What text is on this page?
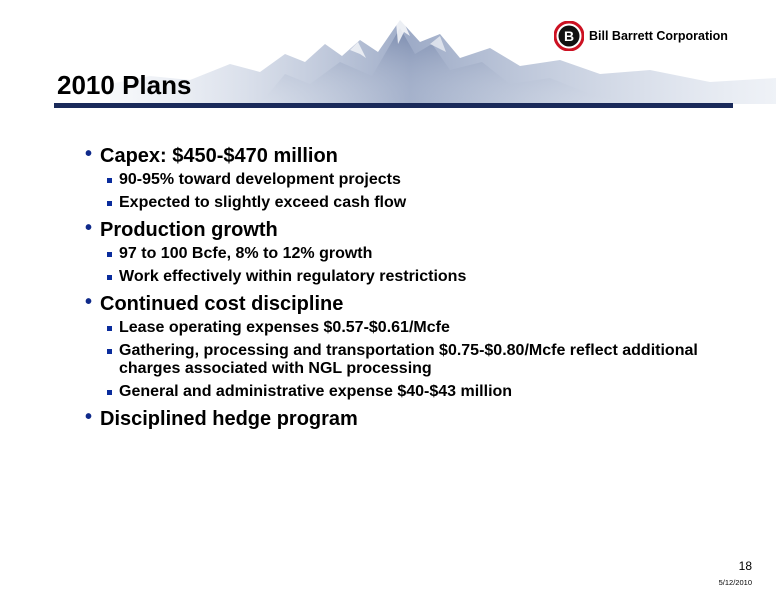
B Bill Barrett Corporation
2010 Plans
• Capex: $450-$470 million
90-95% toward development projects
Expected to slightly exceed cash flow
• Production growth
97 to 100 Bcfe, 8% to 12% growth
Work effectively within regulatory restrictions
• Continued cost discipline
Lease operating expenses $0.57-$0.61/Mcfe
Gathering, processing and transportation $0.75-$0.80/Mcfe reflect additional charges associated with NGL processing
General and administrative expense $40-$43 million
• Disciplined hedge program
18
5/12/2010
